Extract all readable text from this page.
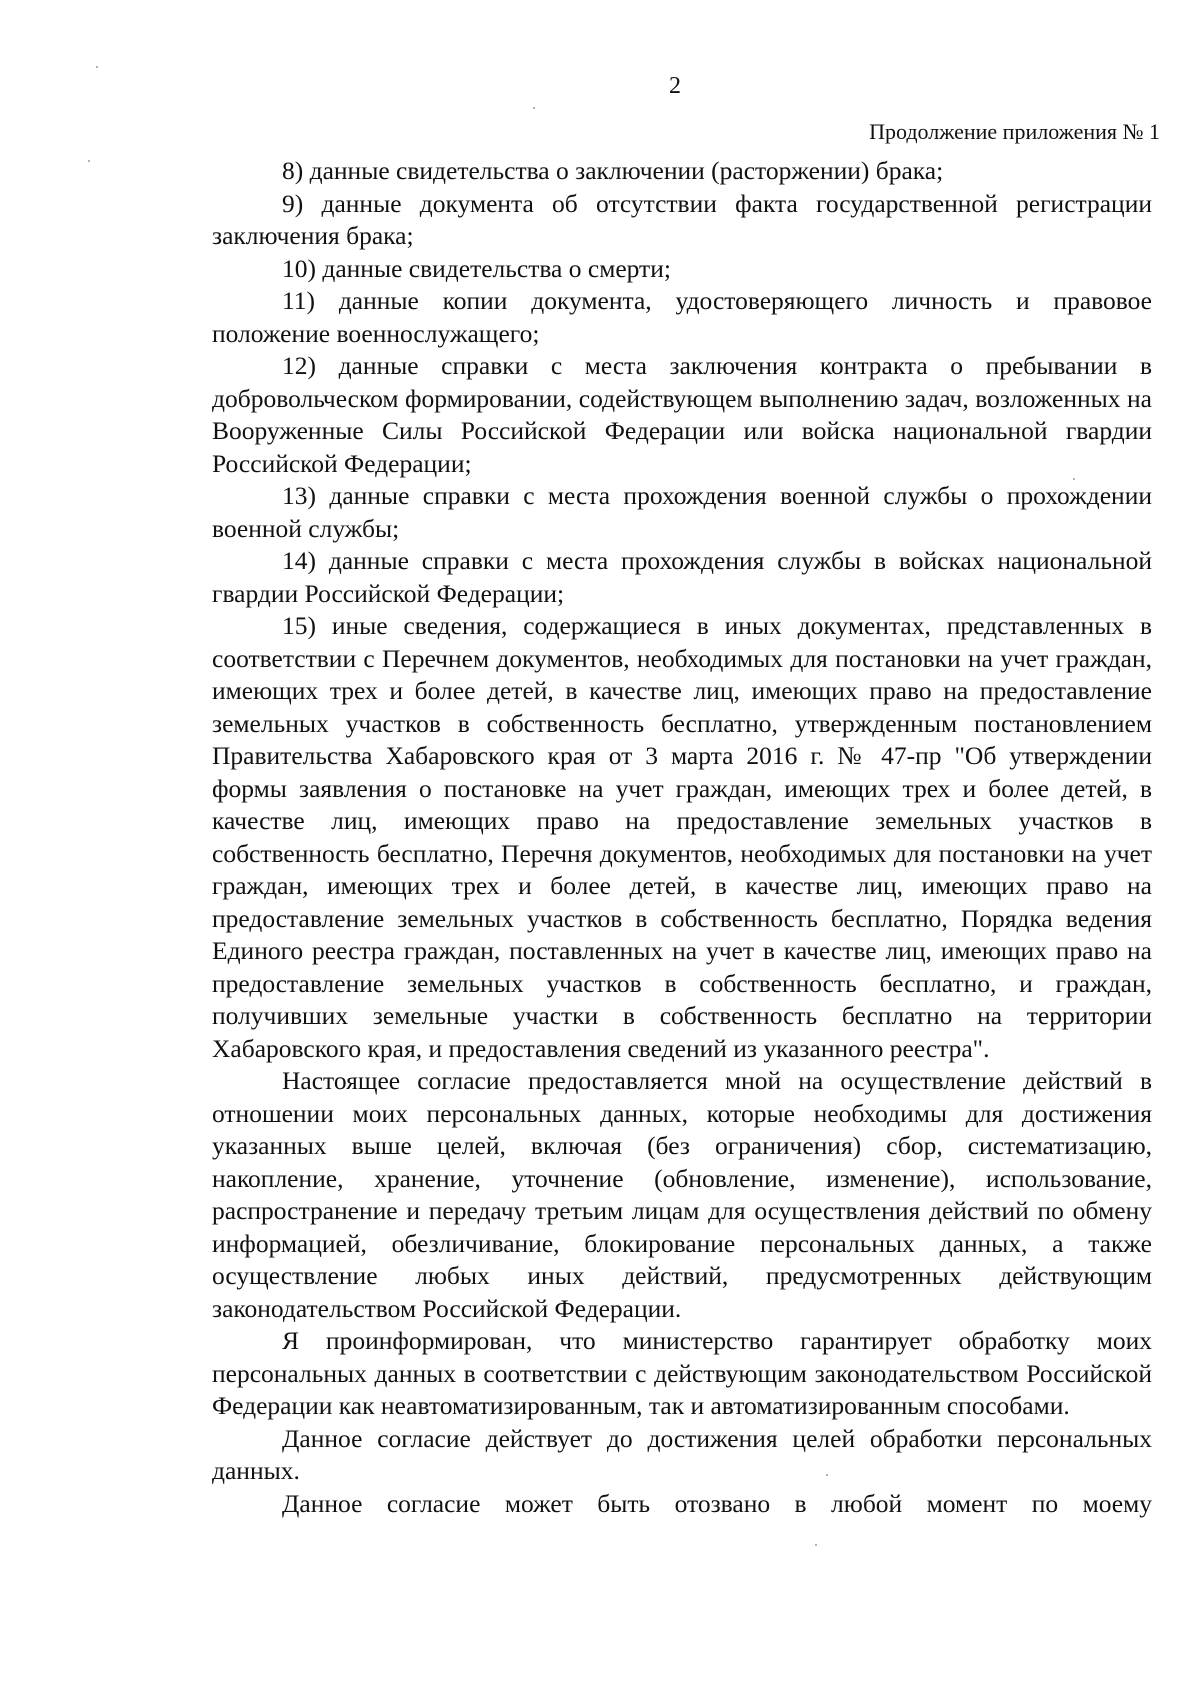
2
Продолжение приложения № 1

8) данные свидетельства о заключении (расторжении) брака;

9) данные документа об отсутствии факта государственной регистрации заключения брака;

10) данные свидетельства о смерти;

11) данные копии документа, удостоверяющего личность и правовое положение военнослужащего;

12) данные справки с места заключения контракта о пребывании в добровольческом формировании, содействующем выполнению задач, возложенных на Вооруженные Силы Российской Федерации или войска национальной гвардии Российской Федерации;

13) данные справки с места прохождения военной службы о прохождении военной службы;

14) данные справки с места прохождения службы в войсках национальной гвардии Российской Федерации;

15) иные сведения, содержащиеся в иных документах, представленных в соответствии с Перечнем документов, необходимых для постановки на учет граждан, имеющих трех и более детей, в качестве лиц, имеющих право на предоставление земельных участков в собственность бесплатно, утвержденным постановлением Правительства Хабаровского края от 3 марта 2016 г. № 47-пр "Об утверждении формы заявления о постановке на учет граждан, имеющих трех и более детей, в качестве лиц, имеющих право на предоставление земельных участков в собственность бесплатно, Перечня документов, необходимых для постановки на учет граждан, имеющих трех и более детей, в качестве лиц, имеющих право на предоставление земельных участков в собственность бесплатно, Порядка ведения Единого реестра граждан, поставленных на учет в качестве лиц, имеющих право на предоставление земельных участков в собственность бесплатно, и граждан, получивших земельные участки в собственность бесплатно на территории Хабаровского края, и предоставления сведений из указанного реестра".

Настоящее согласие предоставляется мной на осуществление действий в отношении моих персональных данных, которые необходимы для достижения указанных выше целей, включая (без ограничения) сбор, систематизацию, накопление, хранение, уточнение (обновление, изменение), использование, распространение и передачу третьим лицам для осуществления действий по обмену информацией, обезличивание, блокирование персональных данных, а также осуществление любых иных действий, предусмотренных действующим законодательством Российской Федерации.

Я проинформирован, что министерство гарантирует обработку моих персональных данных в соответствии с действующим законодательством Российской Федерации как неавтоматизированным, так и автоматизированным способами.

Данное согласие действует до достижения целей обработки персональных данных.

Данное согласие может быть отозвано в любой момент по моему
